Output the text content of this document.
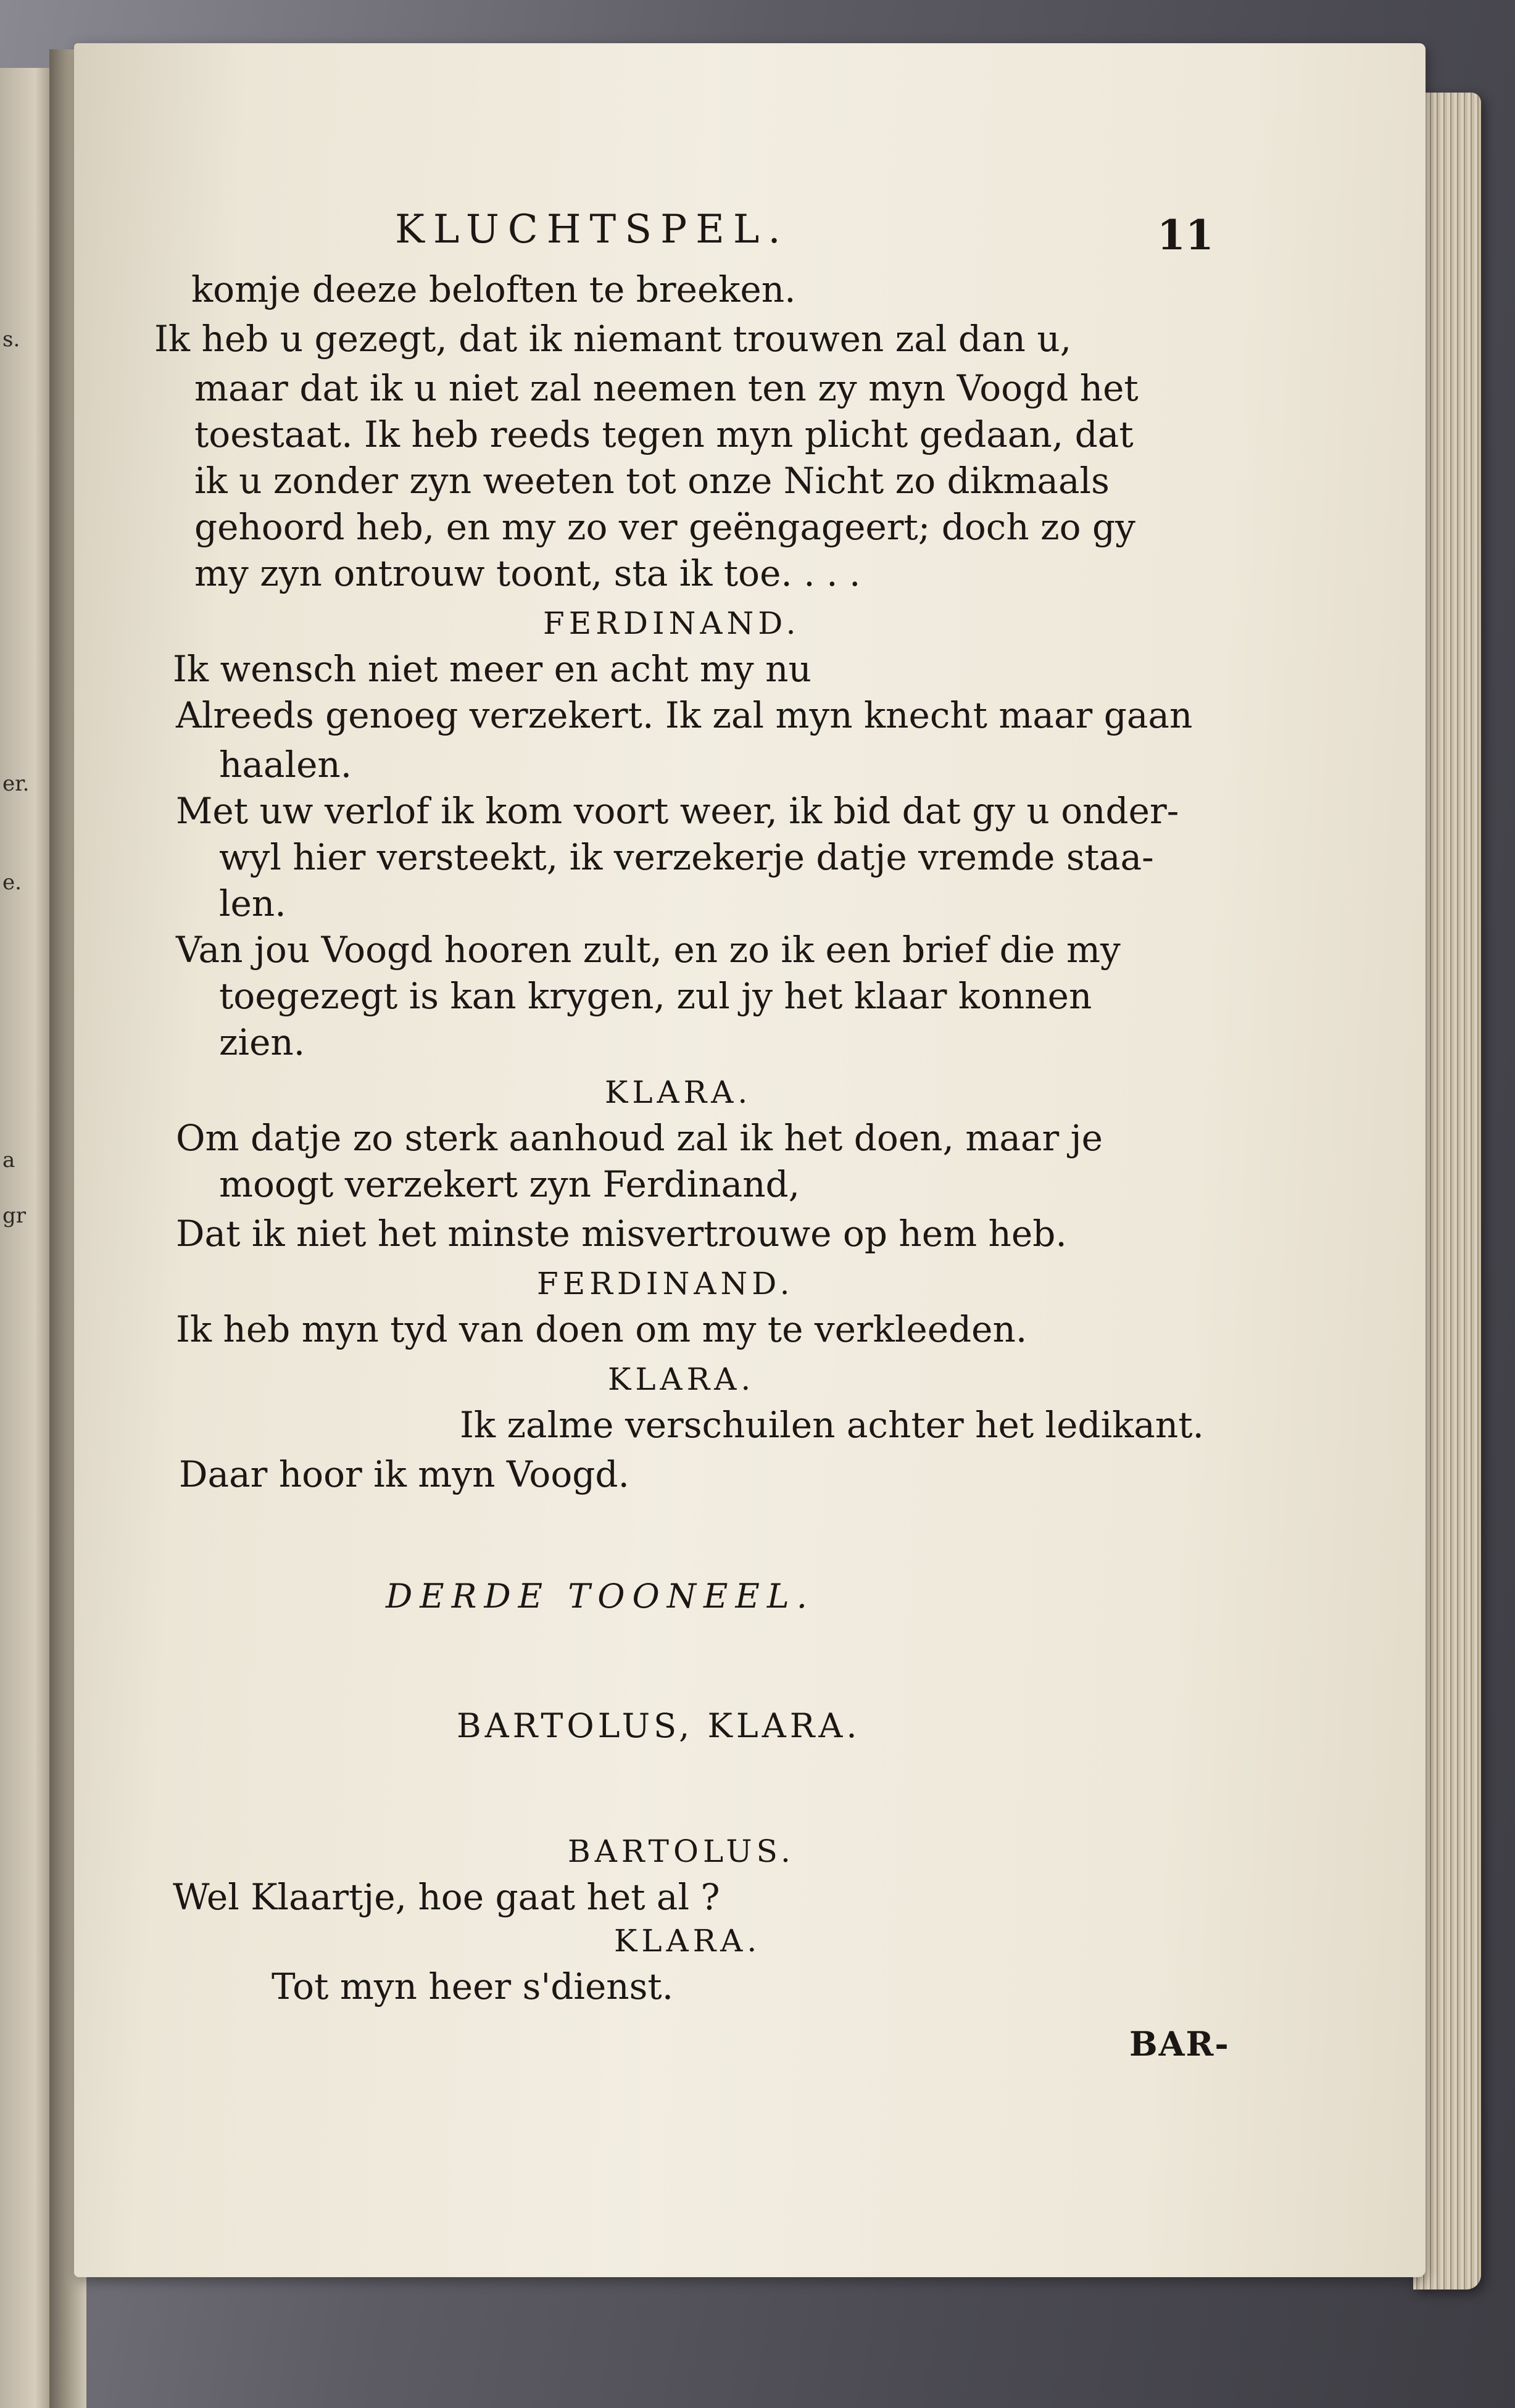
s.
er.
e.
a
gr
KLUCHTSPEL.	11
komje deeze beloften te breeken.
Ik heb u gezegt, dat ik niemant trouwen zal dan u,
maar dat ik u niet zal neemen ten zy myn Voogd het
toestaat. Ik heb reeds tegen myn plicht gedaan, dat
ik u zonder zyn weeten tot onze Nicht zo dikmaals
gehoord heb, en my zo ver geëngageert; doch zo gy
my zyn ontrouw toont, sta ik toe. . . .
FERDINAND.
Ik wensch niet meer en acht my nu
Alreeds genoeg verzekert. Ik zal myn knecht maar gaan
haalen.
Met uw verlof ik kom voort weer, ik bid dat gy u onder-
wyl hier versteekt, ik verzekerje datje vremde staa-
len.
Van jou Voogd hooren zult, en zo ik een brief die my
toegezegt is kan krygen, zul jy het klaar konnen
zien.
KLARA.
Om datje zo sterk aanhoud zal ik het doen, maar je
moogt verzekert zyn Ferdinand,
Dat ik niet het minste misvertrouwe op hem heb.
FERDINAND.
Ik heb myn tyd van doen om my te verkleeden.
KLARA.
Ik zalme verschuilen achter het ledikant.
Daar hoor ik myn Voogd.
DERDE TOONEEL.
BARTOLUS, KLARA.
BARTOLUS.
Wel Klaartje, hoe gaat het al ?
KLARA.
Tot myn heer s'dienst.
BAR-
